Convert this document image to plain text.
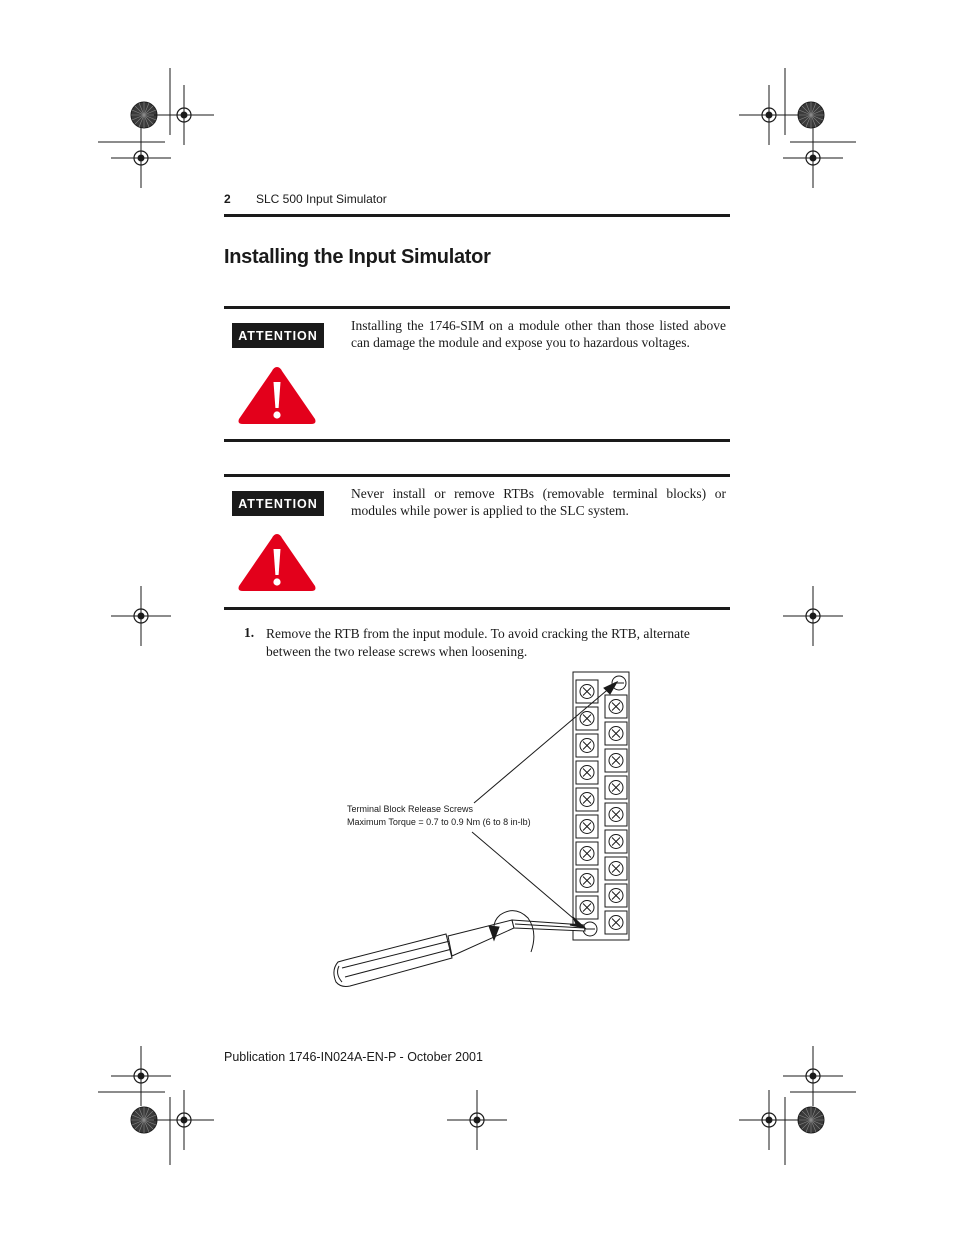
2 SLC 500 Input Simulator
Installing the Input Simulator
ATTENTION
Installing the 1746-SIM on a module other than those listed above can damage the module and expose you to hazardous voltages.
ATTENTION
Never install or remove RTBs (removable terminal blocks) or modules while power is applied to the SLC system.
1. Remove the RTB from the input module. To avoid cracking the RTB, alternate between the two release screws when loosening.
Terminal Block Release Screws
Maximum Torque = 0.7 to 0.9 Nm (6 to 8 in-lb)
Publication 1746-IN024A-EN-P - October 2001
